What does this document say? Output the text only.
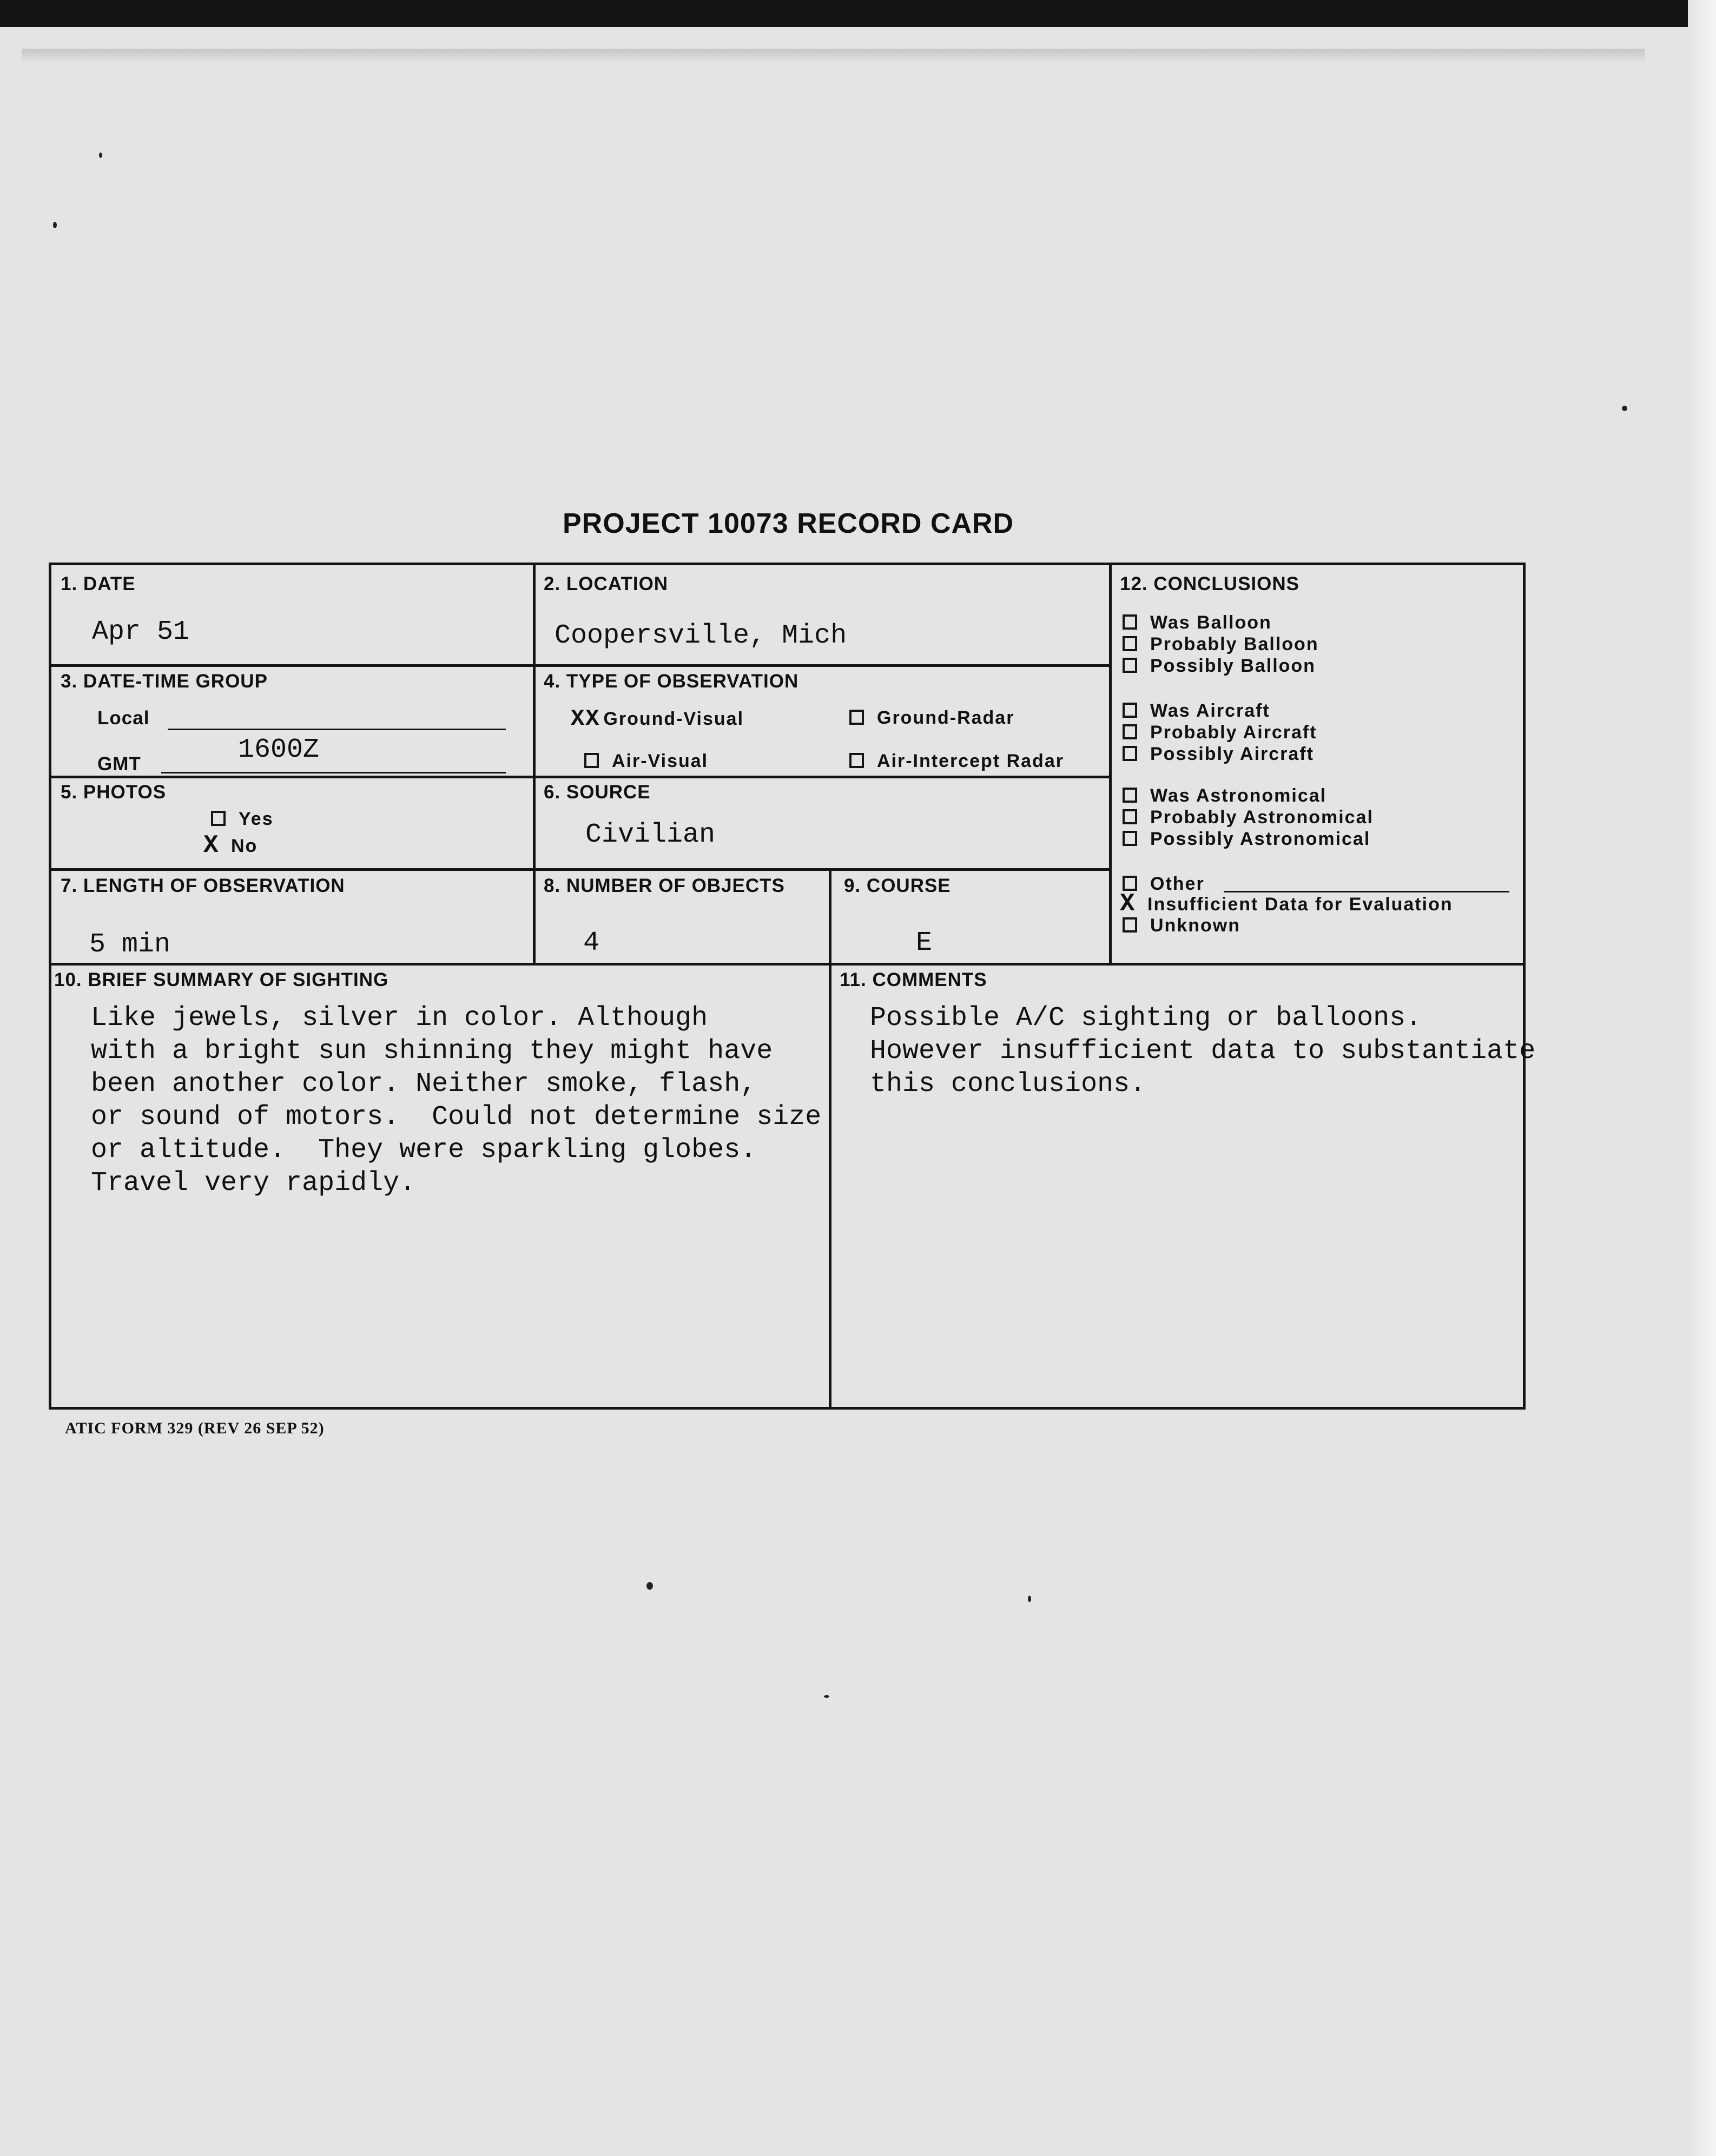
PROJECT 10073 RECORD CARD
1. DATE
Apr 51
2. LOCATION
Coopersville, Mich
3. DATE-TIME GROUP
Local
GMT	1600Z
4. TYPE OF OBSERVATION
XX Ground-Visual	Ground-Radar
Air-Visual	Air-Intercept Radar
5. PHOTOS
Yes
X No
6. SOURCE
Civilian
7. LENGTH OF OBSERVATION
5 min
8. NUMBER OF OBJECTS
4
9. COURSE
E
12. CONCLUSIONS
Was Balloon
Probably Balloon
Possibly Balloon
Was Aircraft
Probably Aircraft
Possibly Aircraft
Was Astronomical
Probably Astronomical
Possibly Astronomical
Other
X Insufficient Data for Evaluation
Unknown
10. BRIEF SUMMARY OF SIGHTING
Like jewels, silver in color. Although
with a bright sun shinning they might have
been another color. Neither smoke, flash,
or sound of motors.  Could not determine size
or altitude.  They were sparkling globes.
Travel very rapidly.
11. COMMENTS
Possible A/C sighting or balloons.
However insufficient data to substantiate
this conclusions.
ATIC FORM 329 (REV 26 SEP 52)
